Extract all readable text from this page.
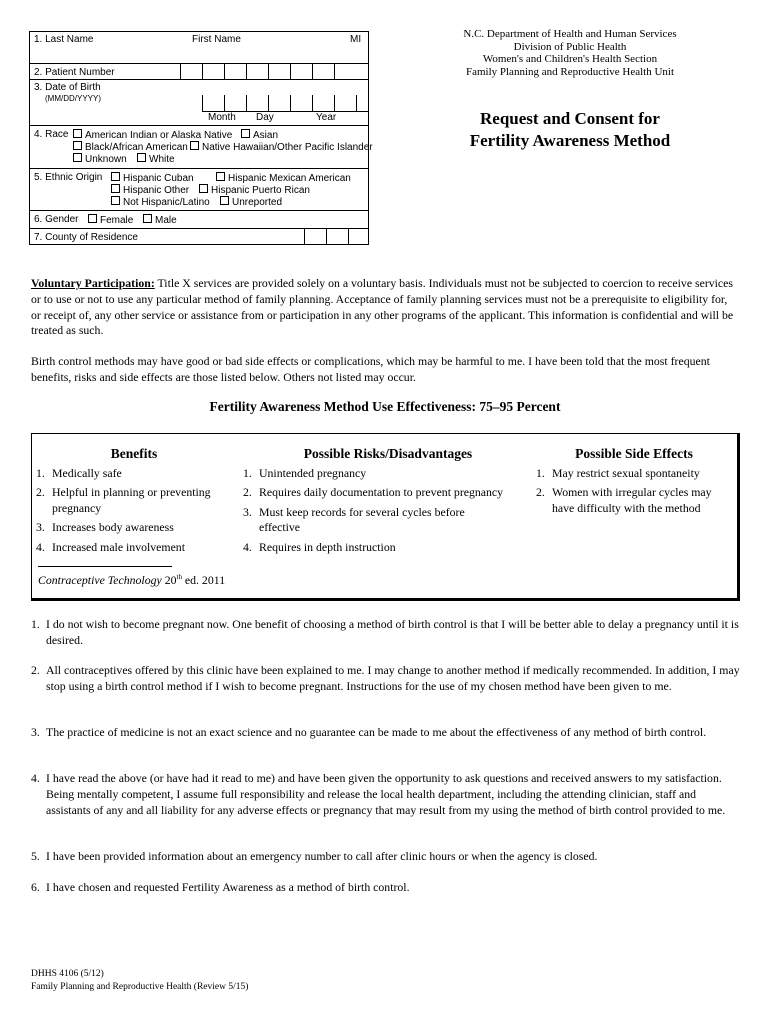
1. Last Name	First Name	MI
2. Patient Number
3. Date of Birth
(MM/DD/YYYY)
Month Day	Year
4. Race	American Indian or Alaska Native	Asian
Black/African American	Native Hawaiian/Other Pacific Islander
Unknown	White
5. Ethnic Origin	Hispanic Cuban	Hispanic Mexican American
Hispanic Other	Hispanic Puerto Rican
Not Hispanic/Latino	Unreported
6. Gender	Female	Male
7. County of Residence
N.C. Department of Health and Human Services
Division of Public Health
Women's and Children's Health Section
Family Planning and Reproductive Health Unit
Request and Consent for
Fertility Awareness Method
Voluntary Participation: Title X services are provided solely on a voluntary basis. Individuals must not be subjected to coercion to receive services or to use or not to use any particular method of family planning. Acceptance of family planning services must not be a prerequisite to eligibility for, or receipt of, any other service or assistance from or participation in any other programs of the applicant. This information is confidential and will be treated as such.
Birth control methods may have good or bad side effects or complications, which may be harmful to me. I have been told that the most frequent benefits, risks and side effects are those listed below. Others not listed may occur.
Fertility Awareness Method Use Effectiveness: 75–95 Percent
Benefits
1. Medically safe
2. Helpful in planning or preventing pregnancy
3. Increases body awareness
4. Increased male involvement
Possible Risks/Disadvantages
1. Unintended pregnancy
2. Requires daily documentation to prevent pregnancy
3. Must keep records for several cycles before effective
4. Requires in depth instruction
Possible Side Effects
1. May restrict sexual spontaneity
2. Women with irregular cycles may have difficulty with the method
Contraceptive Technology 20th ed. 2011
1. I do not wish to become pregnant now. One benefit of choosing a method of birth control is that I will be better able to delay a pregnancy until it is desired.
2. All contraceptives offered by this clinic have been explained to me. I may change to another method if medically recommended. In addition, I may stop using a birth control method if I wish to become pregnant. Instructions for the use of my chosen method have been given to me.
3. The practice of medicine is not an exact science and no guarantee can be made to me about the effectiveness of any method of birth control.
4. I have read the above (or have had it read to me) and have been given the opportunity to ask questions and received answers to my satisfaction. Being mentally competent, I assume full responsibility and release the local health department, including the attending clinician, staff and assistants of any and all liability for any adverse effects or pregnancy that may result from my using the method of birth control provided to me.
5. I have been provided information about an emergency number to call after clinic hours or when the agency is closed.
6. I have chosen and requested Fertility Awareness as a method of birth control.
DHHS 4106 (5/12)
Family Planning and Reproductive Health (Review 5/15)
